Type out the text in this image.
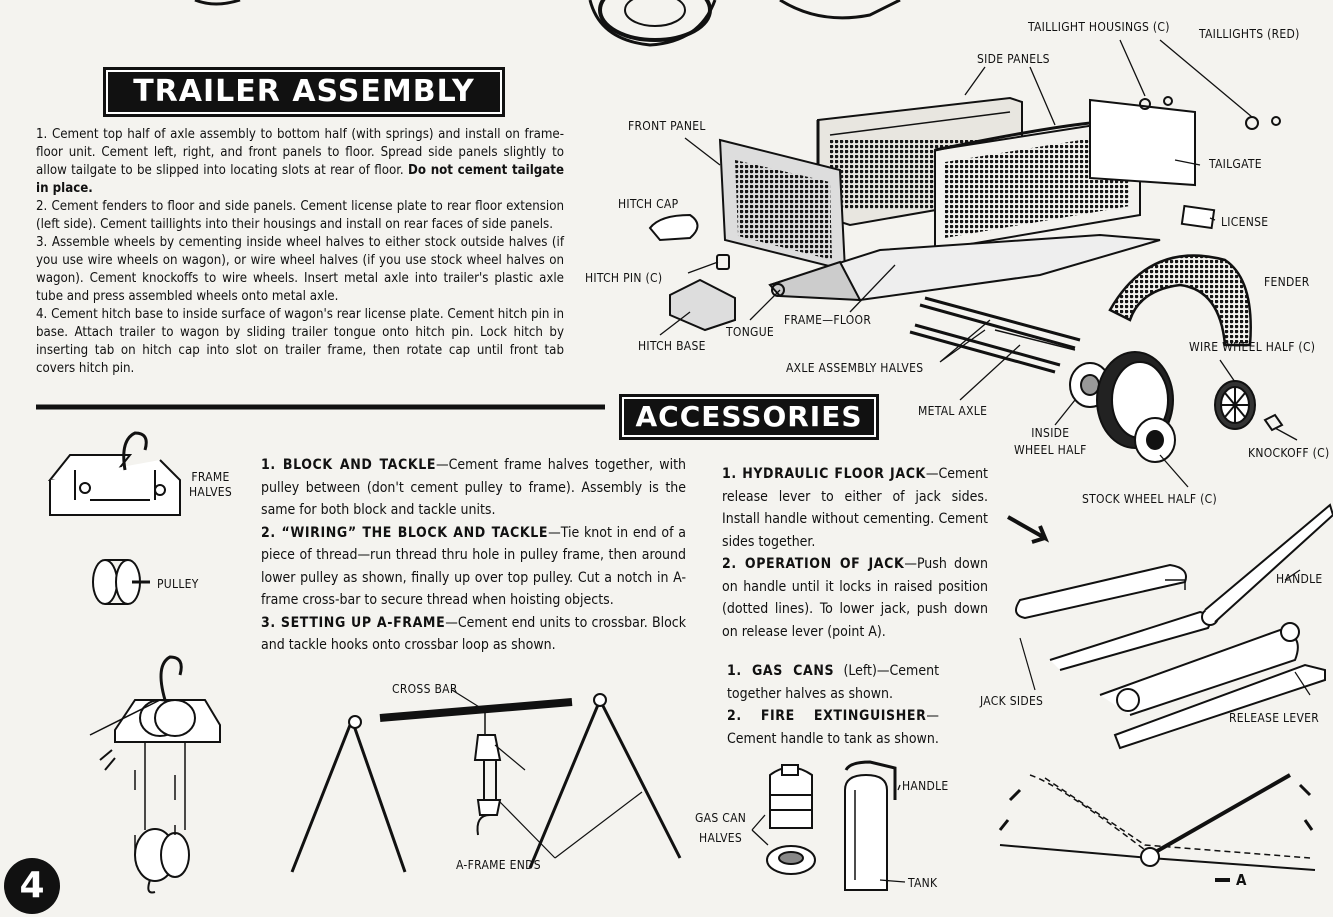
TRAILER ASSEMBLY

1. Cement top half of axle assembly to bottom half (with springs) and install on frame-floor unit. Cement left, right, and front panels to floor. Spread side panels slightly to allow tailgate to be slipped into locating slots at rear of floor. Do not cement tailgate in place.

2. Cement fenders to floor and side panels. Cement license plate to rear floor extension (left side). Cement taillights into their housings and install on rear faces of side panels.

3. Assemble wheels by cementing inside wheel halves to either stock outside halves (if you use wire wheels on wagon), or wire wheel halves (if you use stock wheel halves on wagon). Cement knockoffs to wire wheels. Insert metal axle into trailer's plastic axle tube and press assembled wheels onto metal axle.

4. Cement hitch base to inside surface of wagon's rear license plate. Cement hitch pin in base. Attach trailer to wagon by sliding trailer tongue onto hitch pin. Lock hitch by inserting tab on hitch cap into slot on trailer frame, then rotate cap until front tab covers hitch pin.

TAILLIGHT HOUSINGS (C) TAILLIGHTS (RED)
SIDE PANELS
FRONT PANEL
TAILGATE
HITCH CAP
LICENSE
HITCH PIN (C)	FENDER
FRAME—FLOOR
TONGUE
HITCH BASE	WIRE WHEEL HALF (C)
AXLE ASSEMBLY HALVES
METAL AXLE
INSIDE
WHEEL HALF	KNOCKOFF (C)
STOCK WHEEL HALF (C)
ACCESSORIES
1. BLOCK AND TACKLE—Cement frame halves together, with pulley between (don't cement pulley to frame). Assembly is the same for both block and tackle units.
2. “WIRING” THE BLOCK AND TACKLE—Tie knot in end of a piece of thread—run thread thru hole in pulley frame, then around lower pulley as shown, finally up over top pulley. Cut a notch in A-frame cross-bar to secure thread when hoisting objects.
3. SETTING UP A-FRAME—Cement end units to crossbar. Block and tackle hooks onto crossbar loop as shown.
1. HYDRAULIC FLOOR JACK—Cement release lever to either of jack sides. Install handle without cementing. Cement sides together.
2. OPERATION OF JACK—Push down on handle until it locks in raised position (dotted lines). To lower jack, push down on release lever (point A).
1. GAS CANS (Left)—Cement together halves as shown.
2. FIRE EXTINGUISHER—Cement handle to tank as shown.
FRAME
HALVES
PULLEY
CROSS BAR
A-FRAME ENDS
HANDLE
JACK SIDES
RELEASE LEVER
GAS CAN
HALVES
HANDLE
TANK	A
4
